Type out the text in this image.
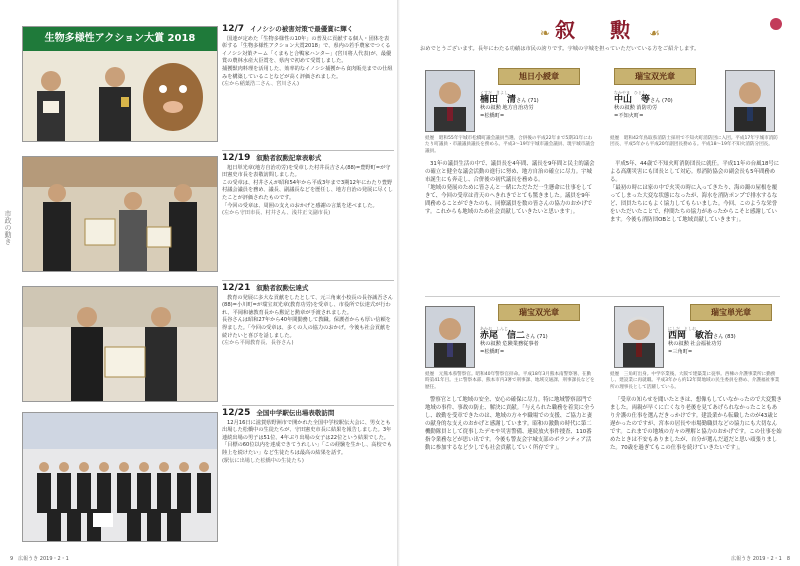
市政の動き
生物多様性アクション大賞 2018
12/7 イノシシの被害対策で最優賞に輝く

国連が定めた「生物多様性の10年」の普及に貢献する個人・団体を表彰する「生物多様性アクション大賞2018」で、県内の若手農家でつくるイノシシ対策チーム「くまもと合鴨家ハンター」(宮川将人代表)が、最優賞の農林水産大臣賞を、県内で初めて受賞しました。
捕獲獣肉料理を活用した、効率的なイノシシ捕獲から食肉販売までの仕組みを構築していることなどが高く評価されました。

(左から稲葉浩二さん、宮川さん)
12/19 叙勲者叙勲記章表彰式

旭日単光章(地方自治功労)を受章した村井長吉さん(88)=豊野町=が守田憲史市長を表敬訪問しました。
この受章は、村井さんが昭和54年から平成3年まで3期12年にわたり豊野村議会議員を務め、議長、副議長などを歴任し、地方自治の発展に尽くしたことが評価されたものです。
「今回の受章は、周囲の支えのおかげと感謝の言葉を述べました。

(左から守田市長、村井さん、浅井正文副市長)
12/21 叙勲者叙勲伝達式

教育の発展に多大な貢献をしたとして、元三角東小校長の長谷誠吾さん(88)=小川町=が瑞宝双光章(教育功労)を受章し、市役所で伝達式が行われ、平岡和徳教育長から勲記と勲章が手渡されました。
長谷さんは昭和27年から40年間勤務して教職。保護者からも厚い信頼を得ました。「今回の受章は、多くの人の協力のおかげ。今後も社会貢献を続けたいと喜びを話しました。

(左から平岡教育長、長谷さん)
12/25 全国中学駅伝出場表敬訪問

12月16日に滋賀県野洲市で開かれた全国中学校駅伝大会に、男女とも出場した松橋中の生徒たちが、守田憲史市長に結果を報告しました。3年連続出場の男子は51位、4年ぶり出場の女子は22位という結果でした。
「目標の60位以内を達成できてうれしい」「この経験を生かし、高校でも陸上を続けたい」など生徒たちは最高の結果を話す。

(駅伝に出場した松橋中の生徒たち)
9　広報うき 2019・2・1
❧ 叙 勲 ☙
おめでとうございます。長年にわたる功績は市民の誇りです。宇城の宇城を担っていただいている方をご紹介します。
旭日小綬章
くすだ　きよし
楠田　清さん (71)
秋の叙勲 地方自治功労
=松橋町=
経歴　昭和55年宇城市松橋町議会議員当選。合併後の平成22年まで5期31年にわたり町議員・市議議員議長を務める。平成3～19年宇城市議会議員、現宇城市議会議員。

31年の議員生活の中で、議員長を4年間、議長を9年間と民主的議会の確立と健全な議会活動の進行に努め、地方自治の確立に尽力。宇城市誕生にも奔走し、合併後の初代議長を務める。
「地域の発展のために皆さんと一緒にただただ一生懸命に仕事をしてきて、今回の受章は青天のへきれきでとても驚きました。議員を9年間務めることができたのも、同僚議員を数の皆さんの協力のおかげです。これからも地域のため社会貢献していきたいと思います」。

瑞宝双光章
なかやま　ひとし
中山　等さん (70)
秋の叙勲 消防功労
=不知火町=
経歴　昭和42年鳥取県消防士採用で不知火町消防団に入団。平成17年宇城市消防団長、平成5年から平成20年副団長務める。平成18～19年不知火消防分団長。

平成5年、44歳で不知火町消防団長に就任。平成11年の台風18号による高潮災害にも団長として対応。県消防協会の副会長も5年間務める。
「最初の時には家の中で火災の時に入ってきたり、海の濁の屋根を覆ってしまった大変な状態になったが、海水を消防ポンプで排水するなど、団員たちにもよく協力してもらいました。今回、このような栄誉をいただいたことで、仲間たちの協力があったからこそと感謝しています。今後も消防団OBとして地域貢献していきます」。

瑞宝双光章
あかお　しんじ
赤尾　信二さん (71)
秋の叙勲 危険業務従事者
=松橋町=
経歴　元熊本県警察官。昭和40年警察官拝命。平成18年3月熊本南警察署、在勤時第41年目。主に警察本部、熊本市内3署で刑事課、地域交通課、刑事課長などを歴任。

警察官として地域の安全、安心の確保に尽力。特に地域警察部門で地域の事件、事故の防止、解決に貢献。「与えられた職務を着実に全うし、敢勤を受章できたのは、地域の方々や職場での支援、ご協力と妻の献身的な支えのおかげと感謝しています。昭和の激動の時代に第二機動隊員として従事したデモや災害警備、連続放火事件捜査、110番指令業務などが思い出です。今後も警友会宇城支部のボランティア活動に参加するなど少しでも社会貢献していく所存です」。

瑞宝単光章
にしだ　としお
西岡　敏治さん (83)
秋の叙勲 社会福祉功労
=三角町=
経歴　三角町出身。中学卒業後、大阪で建築業に従事。西棟の介護事業所に勤務し、建設業に再就職。平成3年から約12年間地域の民生委員を務め、介護福祉事業所の理事長として活躍している。

「受章の知らせを聞いたときは、想像もしていなかったので大変驚きました。両親が早くに亡くなり老後を見てあげられなかったこともあり介護の仕事を選んだきっかけです。建設業から転職したのが43歳と遅かったのですが、宮本の居長や市場勤職員などの協力にも大切なんです。これまでの地域の方々の理解と協力のおかげです。この仕事を始めたときは不安もありましたが、自分が選んだ道だと思い頑張りました。70歳を過ぎてもこの仕事を続けていきたいです」。

広報うき 2019・2・1　8
